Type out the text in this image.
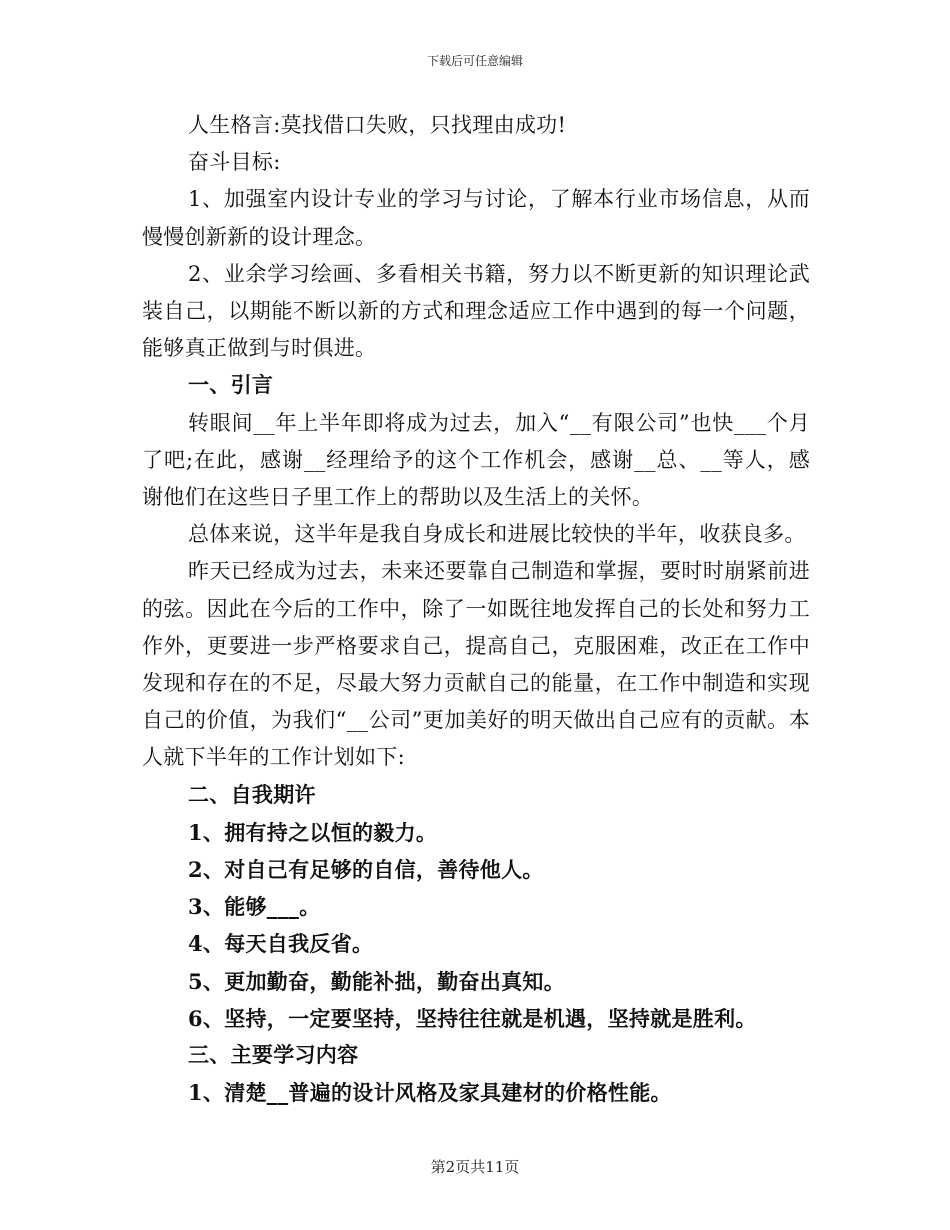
下载后可任意编辑

人生格言:莫找借口失败，只找理由成功!

奋斗目标:

1、加强室内设计专业的学习与讨论，了解本行业市场信息，从而慢慢创新新的设计理念。

2、业余学习绘画、多看相关书籍，努力以不断更新的知识理论武装自己，以期能不断以新的方式和理念适应工作中遇到的每一个问题，能够真正做到与时俱进。

一、引言

转眼间__年上半年即将成为过去，加入“__有限公司”也快___个月了吧;在此，感谢__经理给予的这个工作机会，感谢__总、__等人，感谢他们在这些日子里工作上的帮助以及生活上的关怀。

总体来说，这半年是我自身成长和进展比较快的半年，收获良多。

昨天已经成为过去，未来还要靠自己制造和掌握，要时时崩紧前进的弦。因此在今后的工作中，除了一如既往地发挥自己的长处和努力工作外，更要进一步严格要求自己，提高自己，克服困难，改正在工作中发现和存在的不足，尽最大努力贡献自己的能量，在工作中制造和实现自己的价值，为我们“__公司”更加美好的明天做出自己应有的贡献。本人就下半年的工作计划如下:

二、自我期许

1、拥有持之以恒的毅力。

2、对自己有足够的自信，善待他人。

3、能够___。

4、每天自我反省。

5、更加勤奋，勤能补拙，勤奋出真知。

6、坚持，一定要坚持，坚持往往就是机遇，坚持就是胜利。

三、主要学习内容

1、清楚__普遍的设计风格及家具建材的价格性能。

第2页共11页
